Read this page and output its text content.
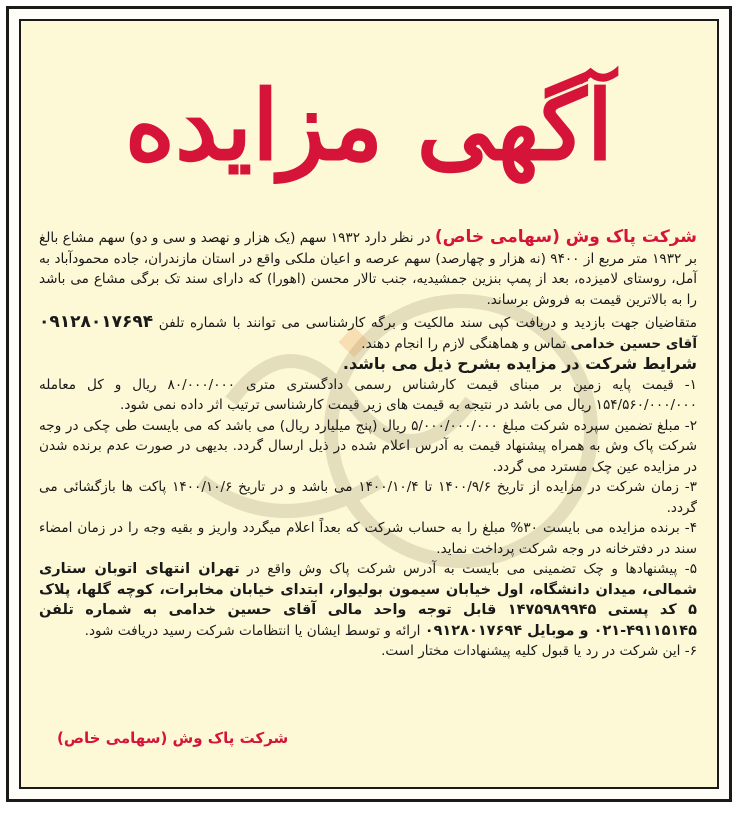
آگهی مزایده

شرکت پاک وش (سهامی خاص) در نظر دارد ۱۹۳۲ سهم (یک هزار و نهصد و سی و دو) سهم مشاع بالغ بر ۱۹۳۲ متر مربع از ۹۴۰۰ (نه هزار و چهارصد) سهم عرصه و اعیان ملکی واقع در استان مازندران، جاده محمودآباد به آمل، روستای لامیزده، بعد از پمپ بنزین جمشیدیه، جنب تالار محسن (اهورا) که دارای سند تک برگی مشاع می باشد را به بالاترین قیمت به فروش برساند.

متقاضیان جهت بازدید و دریافت کپی سند مالکیت و برگه کارشناسی می توانند با شماره تلفن ۰۹۱۲۸۰۱۷۶۹۴ آقای حسین خدامی تماس و هماهنگی لازم را انجام دهند.

شرایط شرکت در مزایده بشرح ذیل می باشد.

۱- قیمت پایه زمین بر مبنای قیمت کارشناس رسمی دادگستری متری ۸۰/۰۰۰/۰۰۰ ریال و کل معامله ۱۵۴/۵۶۰/۰۰۰/۰۰۰ ریال می باشد در نتیجه به قیمت های زیر قیمت کارشناسی ترتیب اثر داده نمی شود.

۲- مبلغ تضمین سپرده شرکت مبلغ ۵/۰۰۰/۰۰۰/۰۰۰ ریال (پنج میلیارد ریال) می باشد که می بایست طی چکی در وجه شرکت پاک وش به همراه پیشنهاد قیمت به آدرس اعلام شده در ذیل ارسال گردد. بدیهی در صورت عدم برنده شدن در مزایده عین چک مسترد می گردد.

۳- زمان شرکت در مزایده از تاریخ ۱۴۰۰/۹/۶ تا ۱۴۰۰/۱۰/۴ می باشد و در تاریخ ۱۴۰۰/۱۰/۶ پاکت ها بازگشائی می گردد.

۴- برنده مزایده می بایست ۳۰% مبلغ را به حساب شرکت که بعداً اعلام میگردد واریز و بقیه وجه را در زمان امضاء سند در دفترخانه در وجه شرکت پرداخت نماید.

۵- پیشنهادها و چک تضمینی می بایست به آدرس شرکت پاک وش واقع در تهران انتهای اتوبان ستاری شمالی، میدان دانشگاه، اول خیابان سیمون بولیوار، ابتدای خیابان مخابرات، کوچه گلها، پلاک ۵ کد پستی ۱۴۷۵۹۸۹۹۴۵ قابل توجه واحد مالی آقای حسین خدامی به شماره تلفن ۴۹۱۱۵۱۴۵-۰۲۱ و موبایل ۰۹۱۲۸۰۱۷۶۹۴ ارائه و توسط ایشان یا انتظامات شرکت رسید دریافت شود.

۶- این شرکت در رد یا قبول کلیه پیشنهادات مختار است.

شرکت پاک وش (سهامی خاص)
